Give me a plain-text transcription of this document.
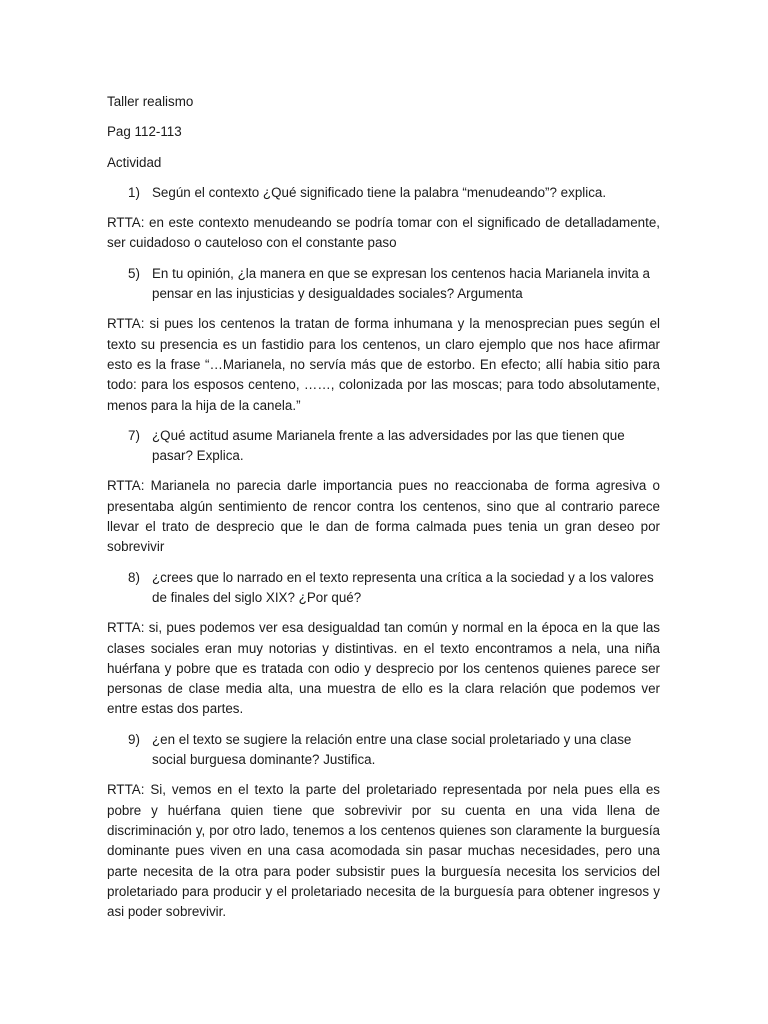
Taller realismo
Pag 112-113
Actividad
1) Según el contexto ¿Qué significado tiene la palabra “menudeando”? explica.
RTTA: en este contexto menudeando se podría tomar con el significado de detalladamente, ser cuidadoso o cauteloso con el constante paso
5) En tu opinión, ¿la manera en que se expresan los centenos hacia Marianela invita a pensar en las injusticias y desigualdades sociales? Argumenta
RTTA: si pues los centenos la tratan de forma inhumana y la menosprecian pues según el texto su presencia es un fastidio para los centenos, un claro ejemplo que nos hace afirmar esto es la frase “…Marianela, no servía más que de estorbo. En efecto; allí habia sitio para todo: para los esposos centeno, ……, colonizada por las moscas; para todo absolutamente, menos para la hija de la canela.”
7) ¿Qué actitud asume Marianela frente a las adversidades por las que tienen que pasar? Explica.
RTTA: Marianela no parecia darle importancia pues no reaccionaba de forma agresiva o presentaba algún sentimiento de rencor contra los centenos, sino que al contrario parece llevar el trato de desprecio que le dan de forma calmada pues tenia un gran deseo por sobrevivir
8) ¿crees que lo narrado en el texto representa una crítica a la sociedad y a los valores de finales del siglo XIX? ¿Por qué?
RTTA: si, pues podemos ver esa desigualdad tan común y normal en la época en la que las clases sociales eran muy notorias y distintivas. en el texto encontramos a nela, una niña huérfana y pobre que es tratada con odio y desprecio por los centenos quienes parece ser personas de clase media alta, una muestra de ello es la clara relación que podemos ver entre estas dos partes.
9) ¿en el texto se sugiere la relación entre una clase social proletariado y una clase social burguesa dominante? Justifica.
RTTA: Si, vemos en el texto la parte del proletariado representada por nela pues ella es pobre y huérfana quien tiene que sobrevivir por su cuenta en una vida llena de discriminación y, por otro lado, tenemos a los centenos quienes son claramente la burguesía dominante pues viven en una casa acomodada sin pasar muchas necesidades, pero una parte necesita de la otra para poder subsistir pues la burguesía necesita los servicios del proletariado para producir y el proletariado necesita de la burguesía para obtener ingresos y asi poder sobrevivir.
